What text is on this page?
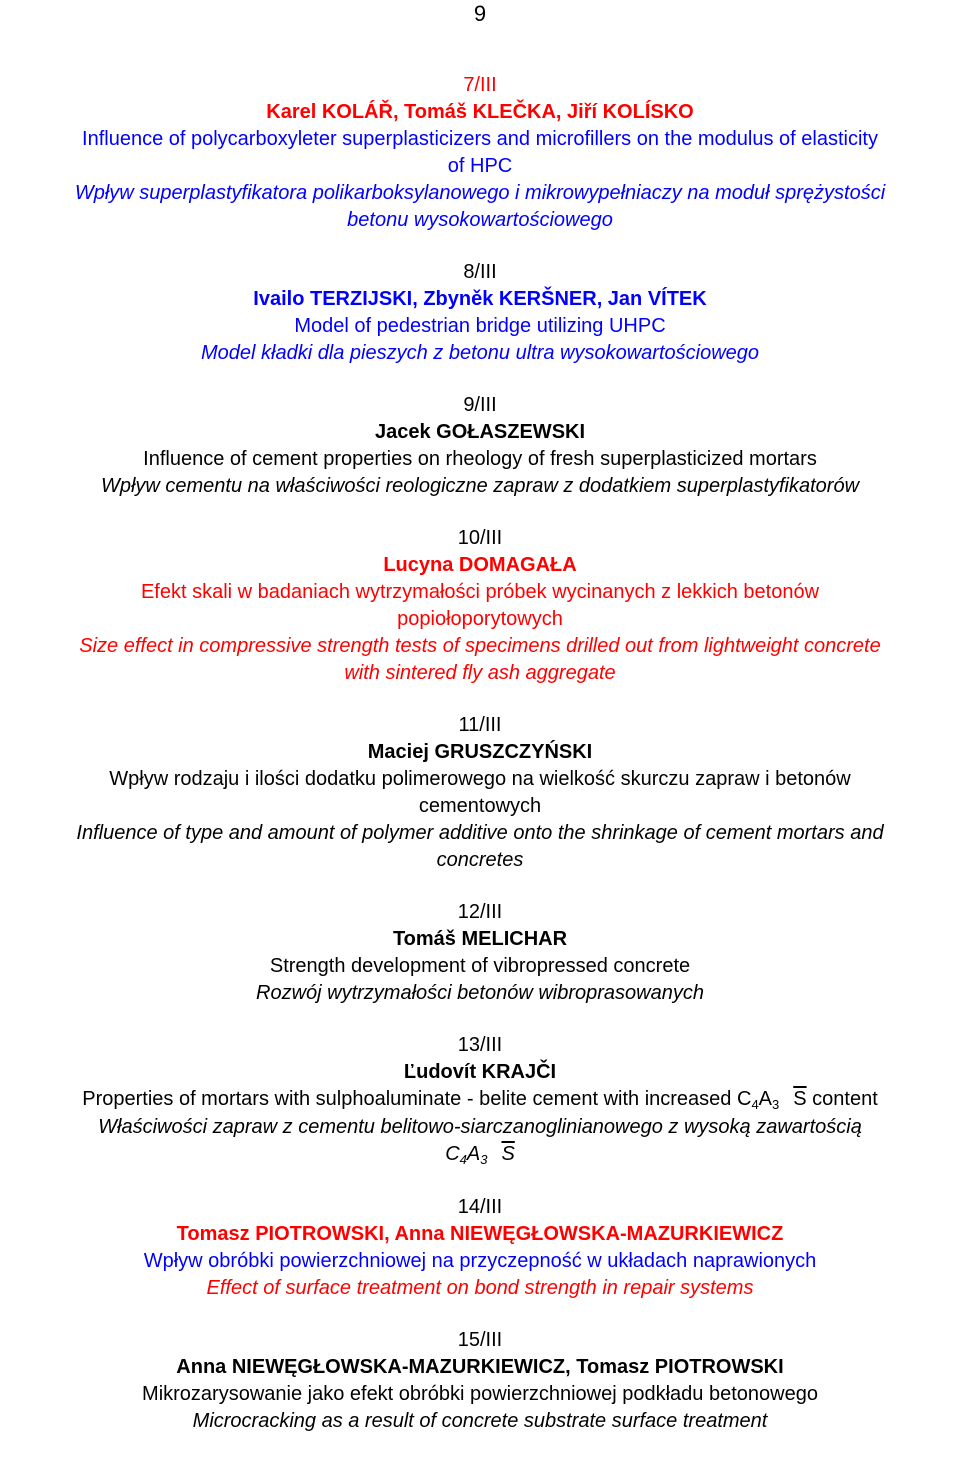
9
7/III
Karel KOLÁŘ, Tomáš KLEČKA, Jiří KOLÍSKO
Influence of polycarboxyleter superplasticizers and microfillers on the modulus of elasticity
of HPC
Wpływ superplastyfikatora polikarboksylanowego i mikrowypełniaczy na moduł sprężystości
betonu wysokowartościowego
8/III
Ivailo TERZIJSKI, Zbyněk KERŠNER, Jan VÍTEK
Model of pedestrian bridge utilizing UHPC
Model kładki dla pieszych z betonu ultra wysokowartościowego
9/III
Jacek GOŁASZEWSKI
Influence of cement properties on rheology of fresh superplasticized mortars
Wpływ cementu na właściwości reologiczne zapraw z dodatkiem superplastyfikatorów
10/III
Lucyna DOMAGAŁA
Efekt skali w badaniach wytrzymałości próbek wycinanych z lekkich betonów
popiołoporytowych
Size effect in compressive strength tests of specimens drilled out from lightweight concrete
with sintered fly ash aggregate
11/III
Maciej GRUSZCZYŃSKI
Wpływ rodzaju i ilości dodatku polimerowego na wielkość skurczu zapraw i betonów
cementowych
Influence of type and amount of polymer additive onto the shrinkage of cement mortars and
concretes
12/III
Tomáš MELICHAR
Strength development of vibropressed concrete
Rozwój wytrzymałości betonów wibroprasowanych
13/III
Ľudovít KRAJČI
Properties of mortars with sulphoaluminate - belite cement with increased $C_4A_3$ $\overline{S}$ content
Właściwości zapraw z cementu belitowo-siarczanoglinianowego z wysoką zawartością
$C_4A_3$ $\overline{S}$
14/III
Tomasz PIOTROWSKI, Anna NIEWĘGŁOWSKA-MAZURKIEWICZ
Wpływ obróbki powierzchniowej na przyczepność w układach naprawionych
Effect of surface treatment on bond strength in repair systems
15/III
Anna NIEWĘGŁOWSKA-MAZURKIEWICZ, Tomasz PIOTROWSKI
Mikrozarysowanie jako efekt obróbki powierzchniowej podkładu betonowego
Microcracking as a result of concrete substrate surface treatment
